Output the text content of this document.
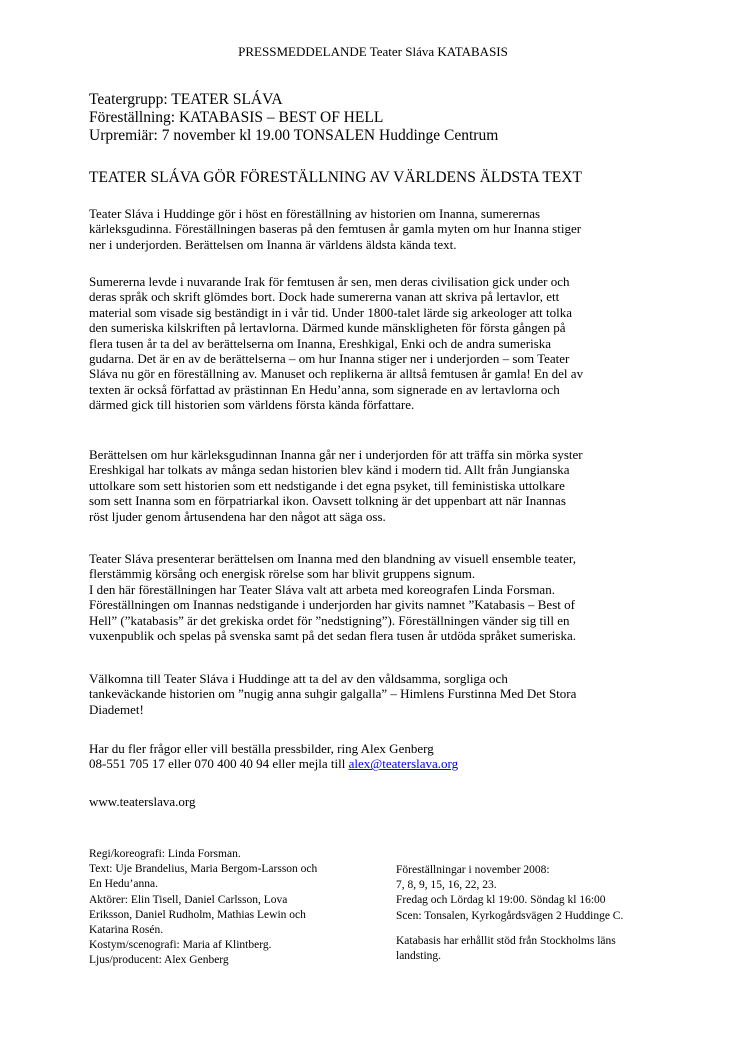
PRESSMEDDELANDE Teater Sláva KATABASIS
Teatergrupp: TEATER SLÁVA
Föreställning: KATABASIS – BEST OF HELL
Urpremiär: 7 november kl 19.00 TONSALEN Huddinge Centrum
TEATER SLÁVA GÖR FÖRESTÄLLNING AV VÄRLDENS ÄLDSTA TEXT
Teater Sláva i Huddinge gör i höst en föreställning av historien om Inanna, sumerernas
kärleksgudinna. Föreställningen baseras på den femtusen år gamla myten om hur Inanna stiger
ner i underjorden. Berättelsen om Inanna är världens äldsta kända text.
Sumererna levde i nuvarande Irak för femtusen år sen, men deras civilisation gick under och
deras språk och skrift glömdes bort. Dock hade sumererna vanan att skriva på lertavlor, ett
material som visade sig beständigt in i vår tid. Under 1800-talet lärde sig arkeologer att tolka
den sumeriska kilskriften på lertavlorna. Därmed kunde mänskligheten för första gången på
flera tusen år ta del av berättelserna om Inanna, Ereshkigal, Enki och de andra sumeriska
gudarna. Det är en av de berättelserna – om hur Inanna stiger ner i underjorden – som Teater
Sláva nu gör en föreställning av. Manuset och replikerna är alltså femtusen år gamla! En del av
texten är också författad av prästinnan En Hedu’anna, som signerade en av lertavlorna och
därmed gick till historien som världens första kända författare.
Berättelsen om hur kärleksgudinnan Inanna går ner i underjorden för att träffa sin mörka syster
Ereshkigal har tolkats av många sedan historien blev känd i modern tid. Allt från Jungianska
uttolkare som sett historien som ett nedstigande i det egna psyket, till feministiska uttolkare
som sett Inanna som en förpatriarkal ikon. Oavsett tolkning är det uppenbart att när Inannas
röst ljuder genom årtusendena har den något att säga oss.
Teater Sláva presenterar berättelsen om Inanna med den blandning av visuell ensemble teater,
flerstämmig körsång och energisk rörelse som har blivit gruppens signum.
I den här föreställningen har Teater Sláva valt att arbeta med koreografen Linda Forsman.
Föreställningen om Inannas nedstigande i underjorden har givits namnet ”Katabasis – Best of
Hell” (”katabasis” är det grekiska ordet för ”nedstigning”). Föreställningen vänder sig till en
vuxenpublik och spelas på svenska samt på det sedan flera tusen år utdöda språket sumeriska.
Välkomna till Teater Sláva i Huddinge att ta del av den våldsamma, sorgliga och
tankeväckande historien om ”nugig anna suhgir galgalla” – Himlens Furstinna Med Det Stora
Diademet!
Har du fler frågor eller vill beställa pressbilder, ring Alex Genberg
08-551 705 17 eller 070 400 40 94 eller mejla till alex@teaterslava.org
www.teaterslava.org
Regi/koreografi: Linda Forsman.
Text: Uje Brandelius, Maria Bergom-Larsson och
En Hedu’anna.
Aktörer: Elin Tisell, Daniel Carlsson, Lova
Eriksson, Daniel Rudholm, Mathias Lewin och
Katarina Rosén.
Kostym/scenografi: Maria af Klintberg.
Ljus/producent: Alex Genberg
Föreställningar i november 2008:
7, 8, 9, 15, 16, 22, 23.
Fredag och Lördag kl 19:00. Söndag kl 16:00
Scen: Tonsalen, Kyrkogårdsvägen 2 Huddinge C.
Katabasis har erhållit stöd från Stockholms läns
landsting.
